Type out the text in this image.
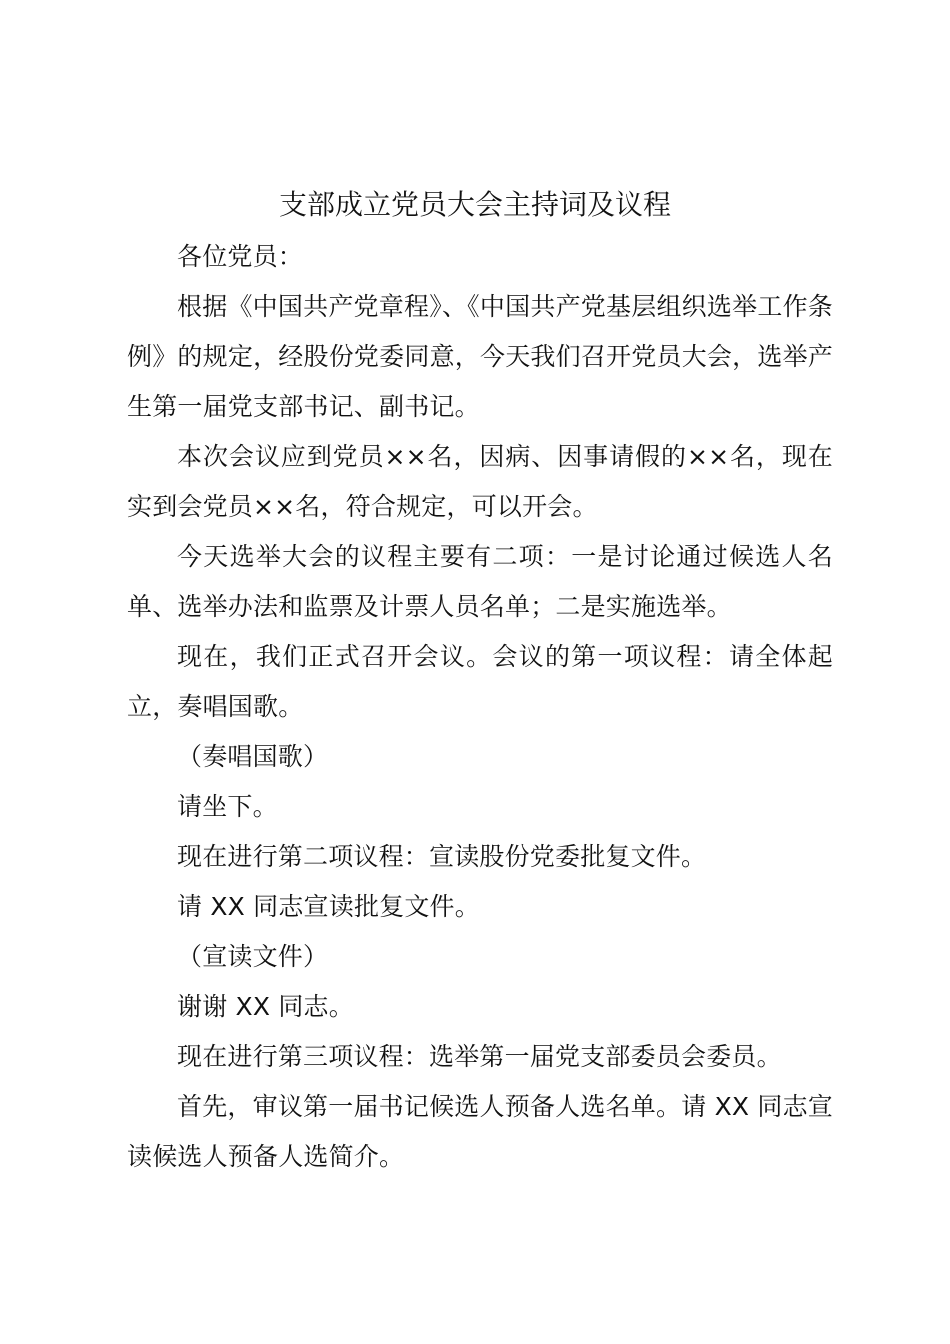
支部成立党员大会主持词及议程

各位党员：

根据《中国共产党章程》、《中国共产党基层组织选举工作条例》的规定，经股份党委同意，今天我们召开党员大会，选举产生第一届党支部书记、副书记。

本次会议应到党员××名，因病、因事请假的××名，现在实到会党员××名，符合规定，可以开会。

今天选举大会的议程主要有二项：一是讨论通过候选人名单、选举办法和监票及计票人员名单；二是实施选举。

现在，我们正式召开会议。会议的第一项议程：请全体起立，奏唱国歌。

（奏唱国歌）

请坐下。

现在进行第二项议程：宣读股份党委批复文件。

请 XX 同志宣读批复文件。

（宣读文件）

谢谢 XX 同志。

现在进行第三项议程：选举第一届党支部委员会委员。

首先，审议第一届书记候选人预备人选名单。请 XX 同志宣读候选人预备人选简介。
